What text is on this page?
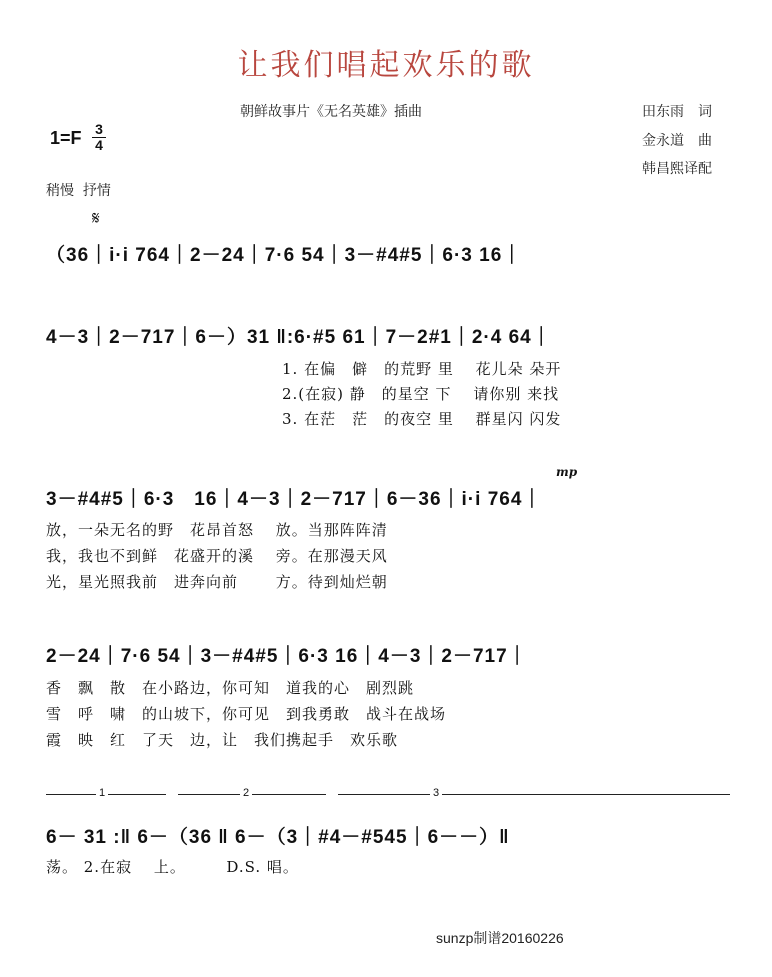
让我们唱起欢乐的歌
朝鲜故事片《无名英雄》插曲	田东雨　词
金永道　曲
韩昌熙译配
$1=F \frac{3}{4}$
稍慢  抒情
𝄋
（36｜i·i 764｜2－24｜7·6 54｜3－#4#5｜6·3 16｜
4－3｜2－717｜6－）31 ‖:6·#5 61｜7－2#1｜2·4 64｜
1. 在偏　僻　的荒野 里　 花儿朵 朵开
2.(在寂) 静　的星空 下　 请你别 来找
3. 在茫　茫　的夜空 里　 群星闪 闪发
mp
3－#4#5｜6·3　16｜4－3｜2－717｜6－36｜i·i 764｜
放，一朵无名的野　花昂首怒　 放。当那阵阵清
我，我也不到鲜　花盛开的溪　 旁。在那漫天风
光，星光照我前　进奔向前　　 方。待到灿烂朝
2－24｜7·6 54｜3－#4#5｜6·3 16｜4－3｜2－717｜
香　飘　散　在小路边，你可知　道我的心　剧烈跳
雪　呼　啸　的山坡下，你可见　到我勇敢　战斗在战场
霞　映　红　了天　边，让　我们携起手　欢乐歌
1	2	3
6－ 31 :‖ 6－（36 ‖ 6－（3｜#4－#545｜6－－）‖
荡。 2.在寂　 上。　　　D.S. 唱。
sunzp制谱20160226
